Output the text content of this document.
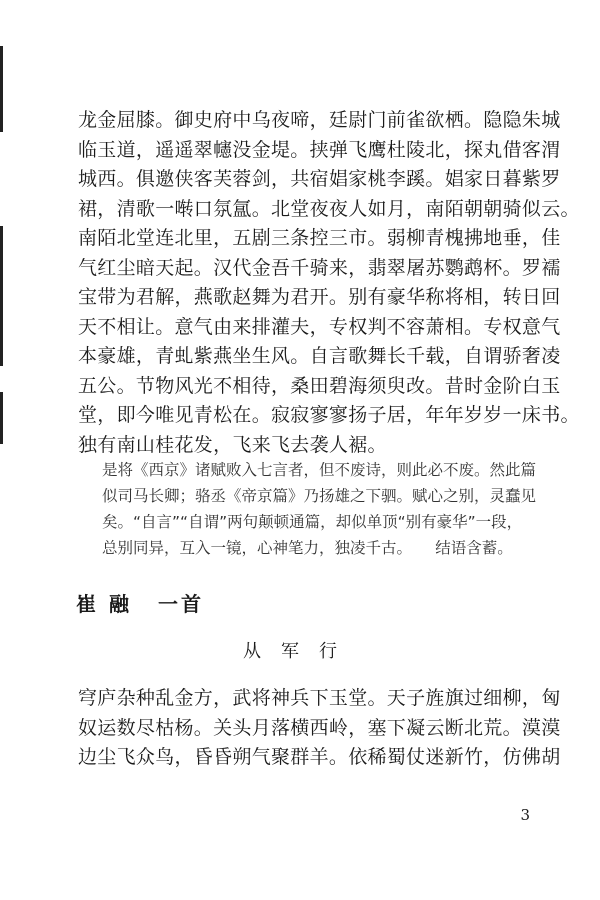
龙金屈膝。御史府中乌夜啼，廷尉门前雀欲栖。隐隐朱城
临玉道，遥遥翠幰没金堤。挟弹飞鹰杜陵北，探丸借客渭
城西。俱邀侠客芙蓉剑，共宿娼家桃李蹊。娼家日暮紫罗
裙，清歌一啭口氛氲。北堂夜夜人如月，南陌朝朝骑似云。
南陌北堂连北里，五剧三条控三市。弱柳青槐拂地垂，佳
气红尘暗天起。汉代金吾千骑来，翡翠屠苏鹦鹉杯。罗襦
宝带为君解，燕歌赵舞为君开。别有豪华称将相，转日回
天不相让。意气由来排灌夫，专权判不容萧相。专权意气
本豪雄，青虬紫燕坐生风。自言歌舞长千载，自谓骄奢凌
五公。节物风光不相待，桑田碧海须臾改。昔时金阶白玉
堂，即今唯见青松在。寂寂寥寥扬子居，年年岁岁一床书。
独有南山桂花发，飞来飞去袭人裾。
是将《西京》诸赋败入七言者，但不废诗，则此必不废。然此篇
似司马长卿；骆丞《帝京篇》乃扬雄之下驷。赋心之别，灵蠢见
矣。“自言”“自谓”两句颠顿通篇，却似单顶“别有豪华”一段，
总别同异，互入一镜，心神笔力，独凌千古。　　结语含蓄。
崔 融 一首
从军行
穹庐杂种乱金方，武将神兵下玉堂。天子旌旗过细柳，匈
奴运数尽枯杨。关头月落横西岭，塞下凝云断北荒。漠漠
边尘飞众鸟，昏昏朔气聚群羊。依稀蜀仗迷新竹，仿佛胡
3
